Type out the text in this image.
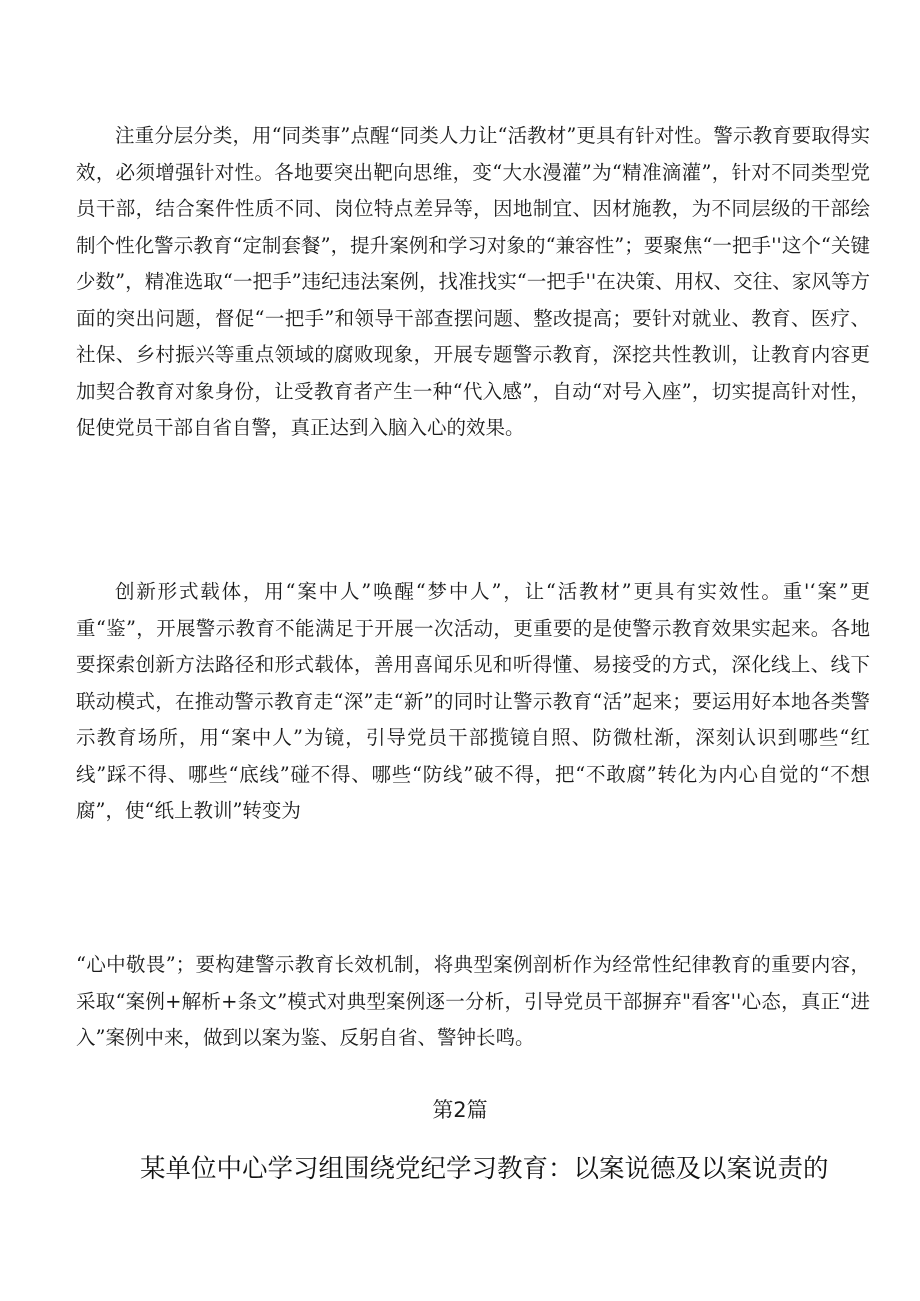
注重分层分类，用“同类事”点醒“同类人力让“活教材”更具有针对性。警示教育要取得实效，必须增强针对性。各地要突出靶向思维，变“大水漫灌”为“精准滴灌”，针对不同类型党员干部，结合案件性质不同、岗位特点差异等，因地制宜、因材施教，为不同层级的干部绘制个性化警示教育“定制套餐”，提升案例和学习对象的“兼容性”；要聚焦“一把手''这个“关键少数”，精准选取“一把手”违纪违法案例，找准找实“一把手''在决策、用权、交往、家风等方面的突出问题，督促“一把手”和领导干部查摆问题、整改提高；要针对就业、教育、医疗、社保、乡村振兴等重点领域的腐败现象，开展专题警示教育，深挖共性教训，让教育内容更加契合教育对象身份，让受教育者产生一种“代入感”，自动“对号入座”，切实提高针对性，促使党员干部自省自警，真正达到入脑入心的效果。

创新形式载体，用“案中人”唤醒“梦中人”，让“活教材”更具有实效性。重'‘案”更重“鉴”，开展警示教育不能满足于开展一次活动，更重要的是使警示教育效果实起来。各地要探索创新方法路径和形式载体，善用喜闻乐见和听得懂、易接受的方式，深化线上、线下联动模式，在推动警示教育走“深”走“新”的同时让警示教育“活”起来；要运用好本地各类警示教育场所，用“案中人”为镜，引导党员干部揽镜自照、防微杜渐，深刻认识到哪些“红线”踩不得、哪些“底线”碰不得、哪些“防线”破不得，把“不敢腐”转化为内心自觉的“不想腐”，使“纸上教训”转变为

“心中敬畏”；要构建警示教育长效机制，将典型案例剖析作为经常性纪律教育的重要内容，采取“案例+解析+条文”模式对典型案例逐一分析，引导党员干部摒弃"看客''心态，真正“进入”案例中来，做到以案为鉴、反躬自省、警钟长鸣。

第2篇
某单位中心学习组围绕党纪学习教育：以案说德及以案说责的
